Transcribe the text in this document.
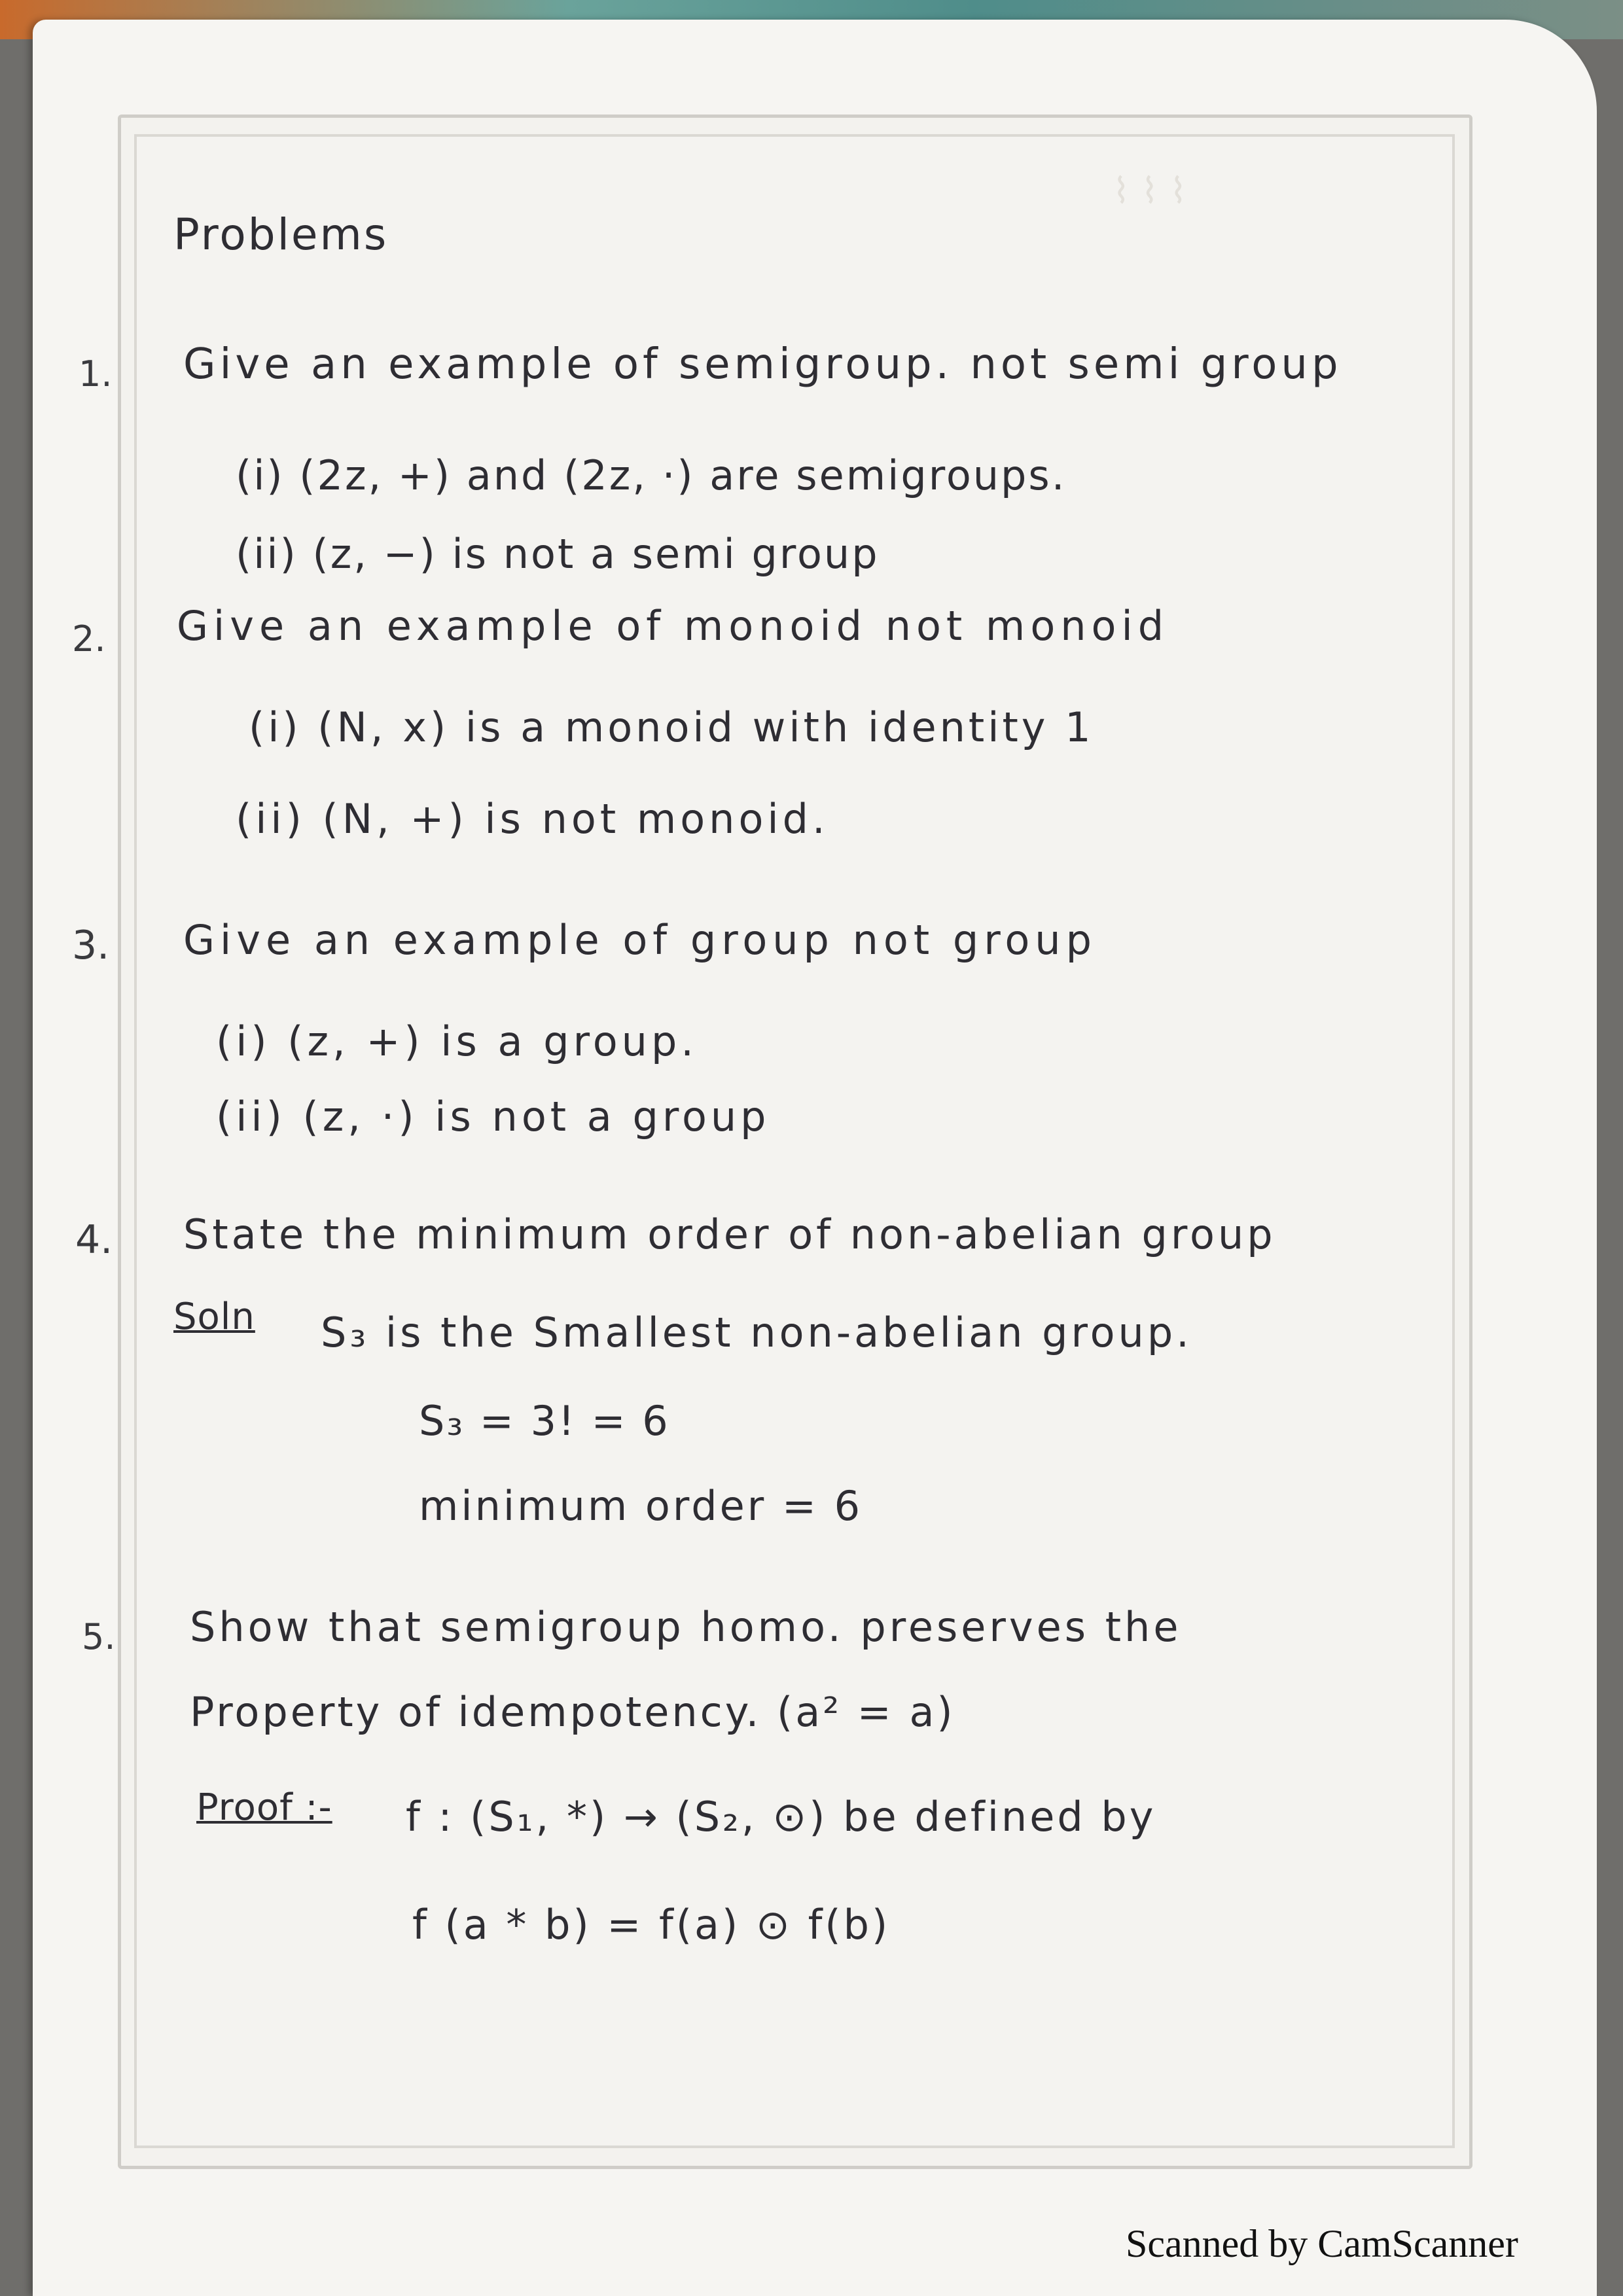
⌇ ⌇ ⌇
Problems
1. Give an example of semigroup. not semi group
(i) (2z, +) and (2z, ·) are semigroups.
(ii) (z, −) is not a semi group
2. Give an example of monoid not monoid
(i) (N, x) is a monoid with identity 1
(ii) (N, +) is not monoid.
3. Give an example of group not group
(i) (z, +) is a group.
(ii) (z, ·) is not a group
4. State the minimum order of non-abelian group
Soln S₃ is the Smallest non-abelian group.
S₃ = 3! = 6
minimum order = 6
5. Show that semigroup homo. preserves the
Property of idempotency. (a² = a)
Proof :- f : (S₁, *) → (S₂, ⊙) be defined by
f (a * b) = f(a) ⊙ f(b)
Scanned by CamScanner
